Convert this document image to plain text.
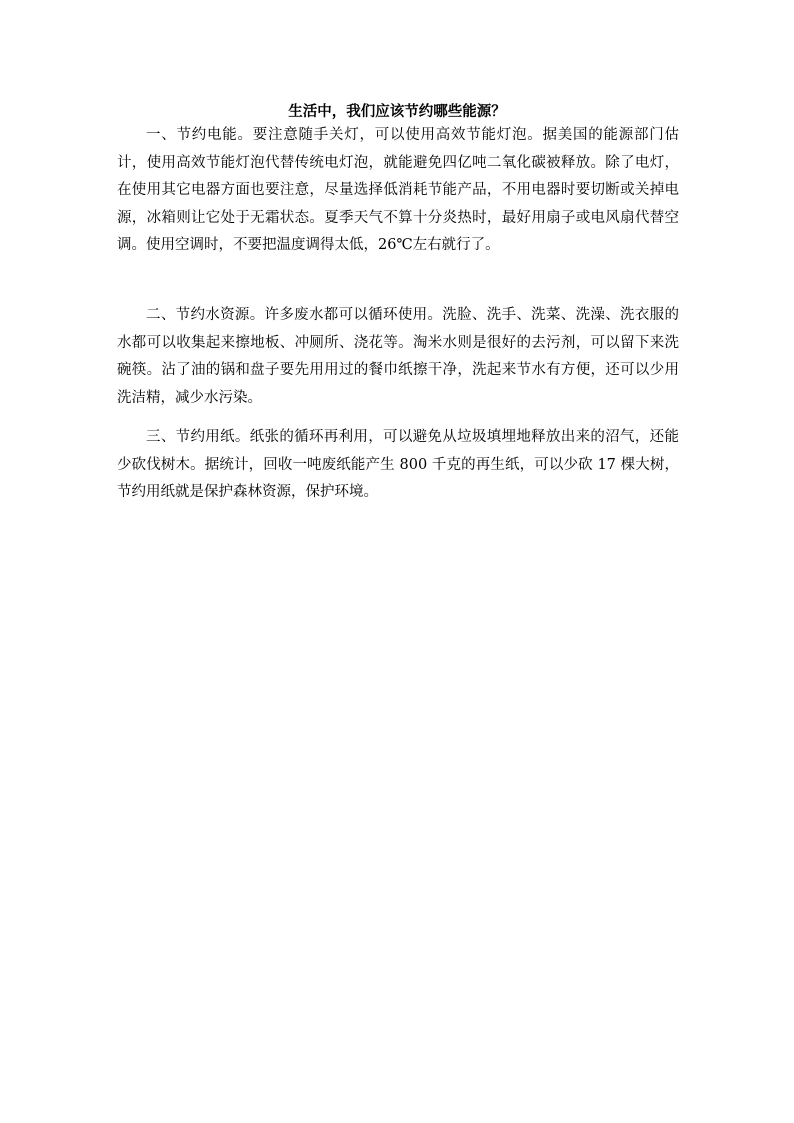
生活中，我们应该节约哪些能源？

一、节约电能。要注意随手关灯，可以使用高效节能灯泡。据美国的能源部门估计，使用高效节能灯泡代替传统电灯泡，就能避免四亿吨二氧化碳被释放。除了电灯，在使用其它电器方面也要注意，尽量选择低消耗节能产品，不用电器时要切断或关掉电源，冰箱则让它处于无霜状态。夏季天气不算十分炎热时，最好用扇子或电风扇代替空调。使用空调时，不要把温度调得太低，26℃左右就行了。

二、节约水资源。许多废水都可以循环使用。洗脸、洗手、洗菜、洗澡、洗衣服的水都可以收集起来擦地板、冲厕所、浇花等。淘米水则是很好的去污剂，可以留下来洗碗筷。沾了油的锅和盘子要先用用过的餐巾纸擦干净，洗起来节水有方便，还可以少用洗洁精，减少水污染。

三、节约用纸。纸张的循环再利用，可以避免从垃圾填埋地释放出来的沼气，还能少砍伐树木。据统计，回收一吨废纸能产生 800 千克的再生纸，可以少砍 17 棵大树，节约用纸就是保护森林资源，保护环境。
